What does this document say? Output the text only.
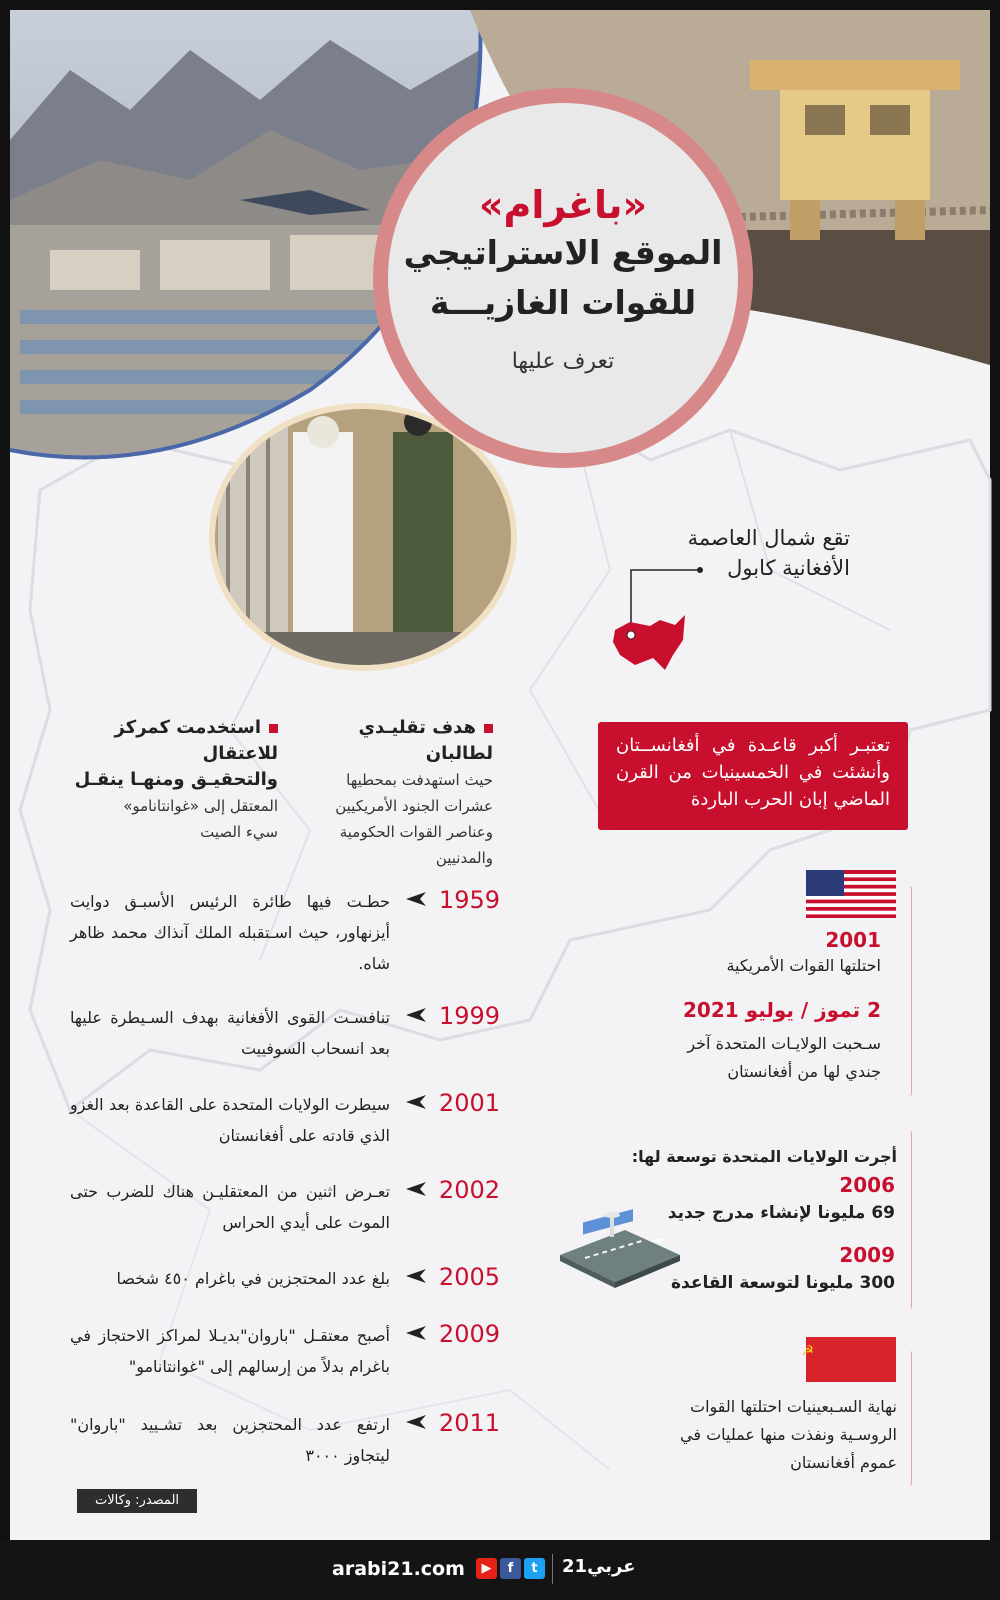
«باغرام»
الموقع الاستراتيجي
للقوات الغازيـــة
تعرف عليها
تقع شمال العاصمة
الأفغانية كابول
تعتبـر أكبر قاعـدة في أفغانســتان وأنشئت في الخمسينيات من القرن الماضي إبان الحرب الباردة
هدف تقليـدي لطالبان
حيث استهدفت بمحطيها
عشرات الجنود الأمريكيين
وعناصر القوات الحكومية
والمدنيين
استخدمت كمركز للاعتقال
والتحقيـق ومنهـا ينقـل
المعتقل إلى «غوانتانامو»
سيء الصيت
1959
حطـت فيها طائرة الرئيس الأسبـق دوايت أيزنهاور، حيث اسـتقبله الملك آنذاك محمد ظاهر شاه.
1999
تنافسـت القوى الأفغانية بهدف السـيطرة عليها بعد انسحاب السوفييت
2001
سيطرت الولايات المتحدة على القاعدة بعد الغزو الذي قادته على أفغانستان
2002
تعـرض اثنين من المعتقليـن هناك للضرب حتى الموت على أيدي الحراس
2005
بلغ عدد المحتجزين في باغرام ٤٥٠ شخصا
2009
أصبح معتقـل "باروان"بديـلا لمراكز الاحتجاز في باغرام بدلاً من إرسالهم إلى "غوانتانامو"
2011
ارتفع عدد المحتجزين بعد تشـييد "باروان" ليتجاوز ٣٠٠٠
2001
احتلتها القوات الأمريكية
2 تموز / يوليو 2021
سـحبت الولايـات المتحدة آخر
جندي لها من أفغانستان
أجرت الولايات المتحدة توسعة لها:
2006
69 مليونا لإنشاء مدرج جديد
2009
300 مليونا لتوسعة القاعدة
☭
نهاية السـبعينيات احتلتها القوات
الروسـية ونفذت منها عمليات في
عموم أفغانستان
المصدر: وكالات
arabi21.com	▶	f	t	عربي21
